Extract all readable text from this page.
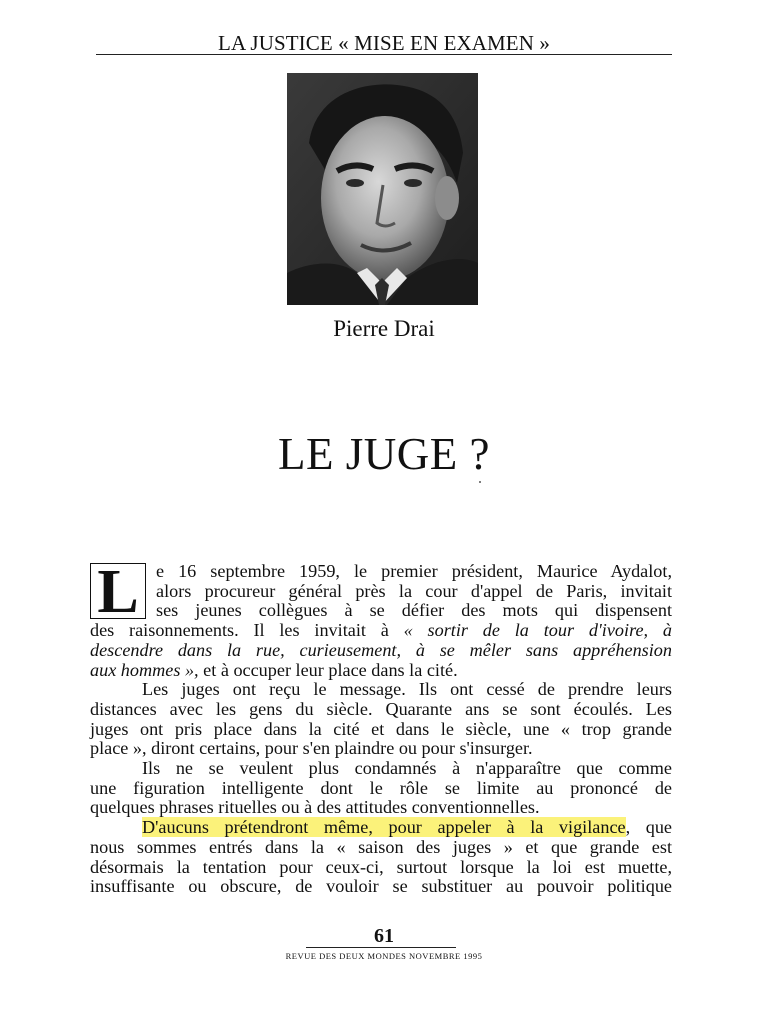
LA JUSTICE « MISE EN EXAMEN »
Pierre Drai
LE JUGE ?
L e 16 septembre 1959, le premier président, Maurice Aydalot,
alors procureur général près la cour d'appel de Paris, invitait
ses jeunes collègues à se défier des mots qui dispensent
des raisonnements. Il les invitait à « sortir de la tour d'ivoire, à
descendre dans la rue, curieusement, à se mêler sans appréhension
aux hommes », et à occuper leur place dans la cité.
Les juges ont reçu le message. Ils ont cessé de prendre leurs
distances avec les gens du siècle. Quarante ans se sont écoulés. Les
juges ont pris place dans la cité et dans le siècle, une « trop grande
place », diront certains, pour s'en plaindre ou pour s'insurger.
Ils ne se veulent plus condamnés à n'apparaître que comme
une figuration intelligente dont le rôle se limite au prononcé de
quelques phrases rituelles ou à des attitudes conventionnelles.
D'aucuns prétendront même, pour appeler à la vigilance, que
nous sommes entrés dans la « saison des juges » et que grande est
désormais la tentation pour ceux-ci, surtout lorsque la loi est muette,
insuffisante ou obscure, de vouloir se substituer au pouvoir politique
61
REVUE DES DEUX MONDES NOVEMBRE 1995
